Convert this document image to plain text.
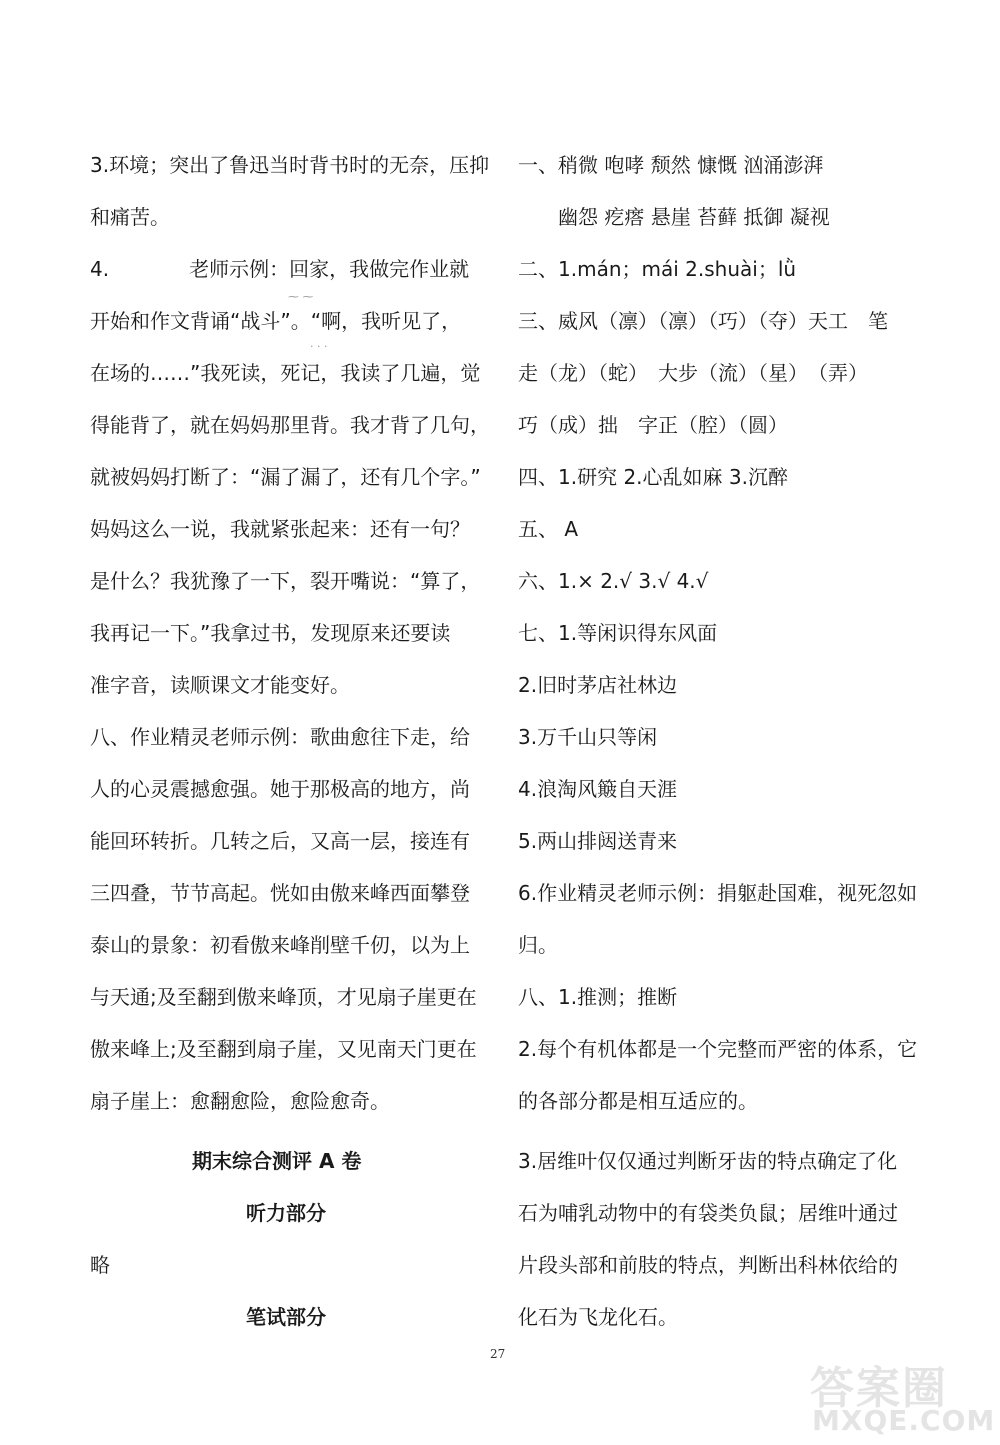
3.环境；突出了鲁迅当时背书时的无奈，压抑
和痛苦。
4.　　　　老师示例：回家，我做完作业就
开始和作文背诵“战斗”。“啊，我听见了，
在场的……”我死读，死记，我读了几遍，觉
得能背了，就在妈妈那里背。我才背了几句，
就被妈妈打断了：“漏了漏了，还有几个字。”
妈妈这么一说，我就紧张起来：还有一句？
是什么？我犹豫了一下，裂开嘴说：“算了，
我再记一下。”我拿过书，发现原来还要读
准字音，读顺课文才能变好。
八、作业精灵老师示例：歌曲愈往下走，给
人的心灵震撼愈强。她于那极高的地方，尚
能回环转折。几转之后，又高一层，接连有
三四叠，节节高起。恍如由傲来峰西面攀登
泰山的景象：初看傲来峰削壁千仞，以为上
与天通;及至翻到傲来峰顶，才见扇子崖更在
傲来峰上;及至翻到扇子崖，又见南天门更在
扇子崖上：愈翻愈险，愈险愈奇。
期末综合测评 A 卷
听力部分
略
笔试部分
⁓ ⁓
· · ·
一、稍微 咆哮 颓然 慷慨 汹涌澎湃
幽怨 疙瘩 悬崖 苔藓 抵御 凝视
二、1.mán；mái 2.shuài；lǜ
三、威风（凛）（凛）（巧）（夺）天工　笔
走（龙）（蛇）　大步（流）（星）　（弄）
巧（成）拙　字正（腔）（圆）
四、1.研究 2.心乱如麻 3.沉醉
五、 A
六、1.× 2.√ 3.√ 4.√
七、1.等闲识得东风面
2.旧时茅店社林边
3.万千山只等闲
4.浪淘风簸自天涯
5.两山排闼送青来
6.作业精灵老师示例：捐躯赴国难，视死忽如
归。
八、1.推测；推断
2.每个有机体都是一个完整而严密的体系，它
的各部分都是相互适应的。
3.居维叶仅仅通过判断牙齿的特点确定了化
石为哺乳动物中的有袋类负鼠；居维叶通过
片段头部和前肢的特点，判断出科林依给的
化石为飞龙化石。
27
答案圈
MXQE.COM
